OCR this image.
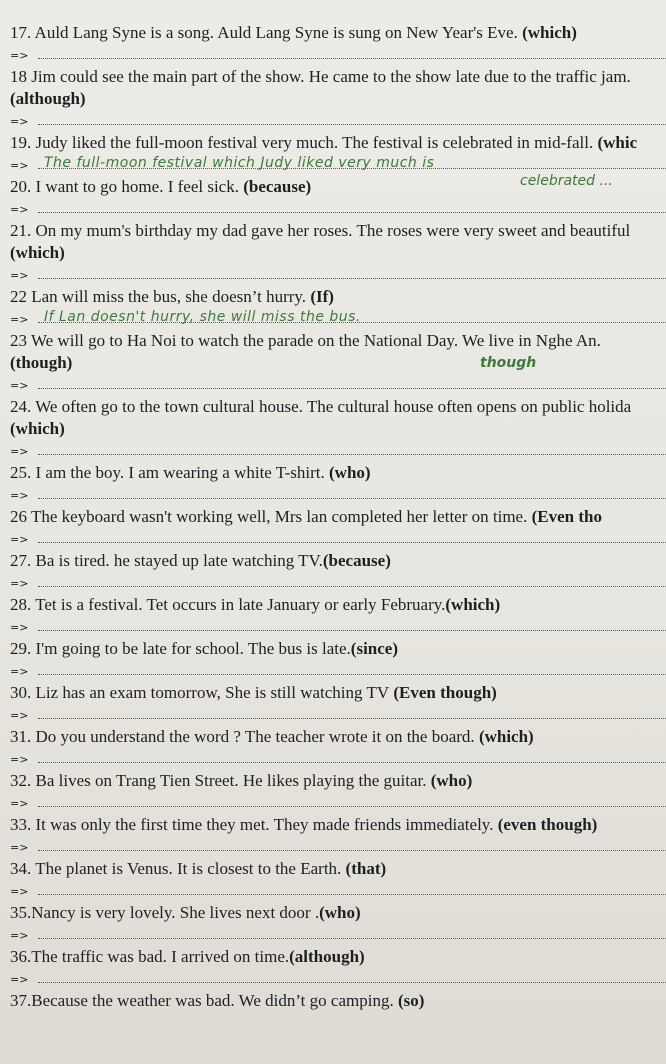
17. Auld Lang Syne is a song. Auld Lang Syne is sung on New Year's Eve. (which)
=>
18 Jim could see the main part of the show. He came to the show late due to the traffic jam.
(although)
=>
19. Judy liked the full-moon festival very much. The festival is celebrated in mid-fall. (whic
=> The full-moon festival which Judy liked very much is
20. I want to go home. I feel sick. (because)	celebrated ...
=>
21. On my mum's birthday my dad gave her roses. The roses were very sweet and beautiful
(which)
=>
22 Lan will miss the bus, she doesn’t hurry. (If)
=> If Lan doesn't hurry, she will miss the bus.
23 We will go to Ha Noi to watch the parade on the National Day. We live in Nghe An.
(though)	though
=>
24. We often go to the town cultural house. The cultural house often opens on public holida
(which)
=>
25. I am the boy. I am wearing a white T-shirt. (who)
=>
26 The keyboard wasn't working well, Mrs lan completed her letter on time. (Even tho
=>
27. Ba is tired. he stayed up late watching TV.(because)
=>
28. Tet is a festival. Tet occurs in late January or early February.(which)
=>
29. I'm going to be late for school. The bus is late.(since)
=>
30. Liz has an exam tomorrow, She is still watching TV (Even though)
=>
31. Do you understand the word ? The teacher wrote it on the board. (which)
=>
32. Ba lives on Trang Tien Street. He likes playing the guitar. (who)
=>
33. It was only the first time they met. They made friends immediately. (even though)
=>
34. The planet is Venus. It is closest to the Earth. (that)
=>
35.Nancy is very lovely. She lives next door .(who)
=>
36.The traffic was bad. I arrived on time.(although)
=>
37.Because the weather was bad. We didn’t go camping. (so)
